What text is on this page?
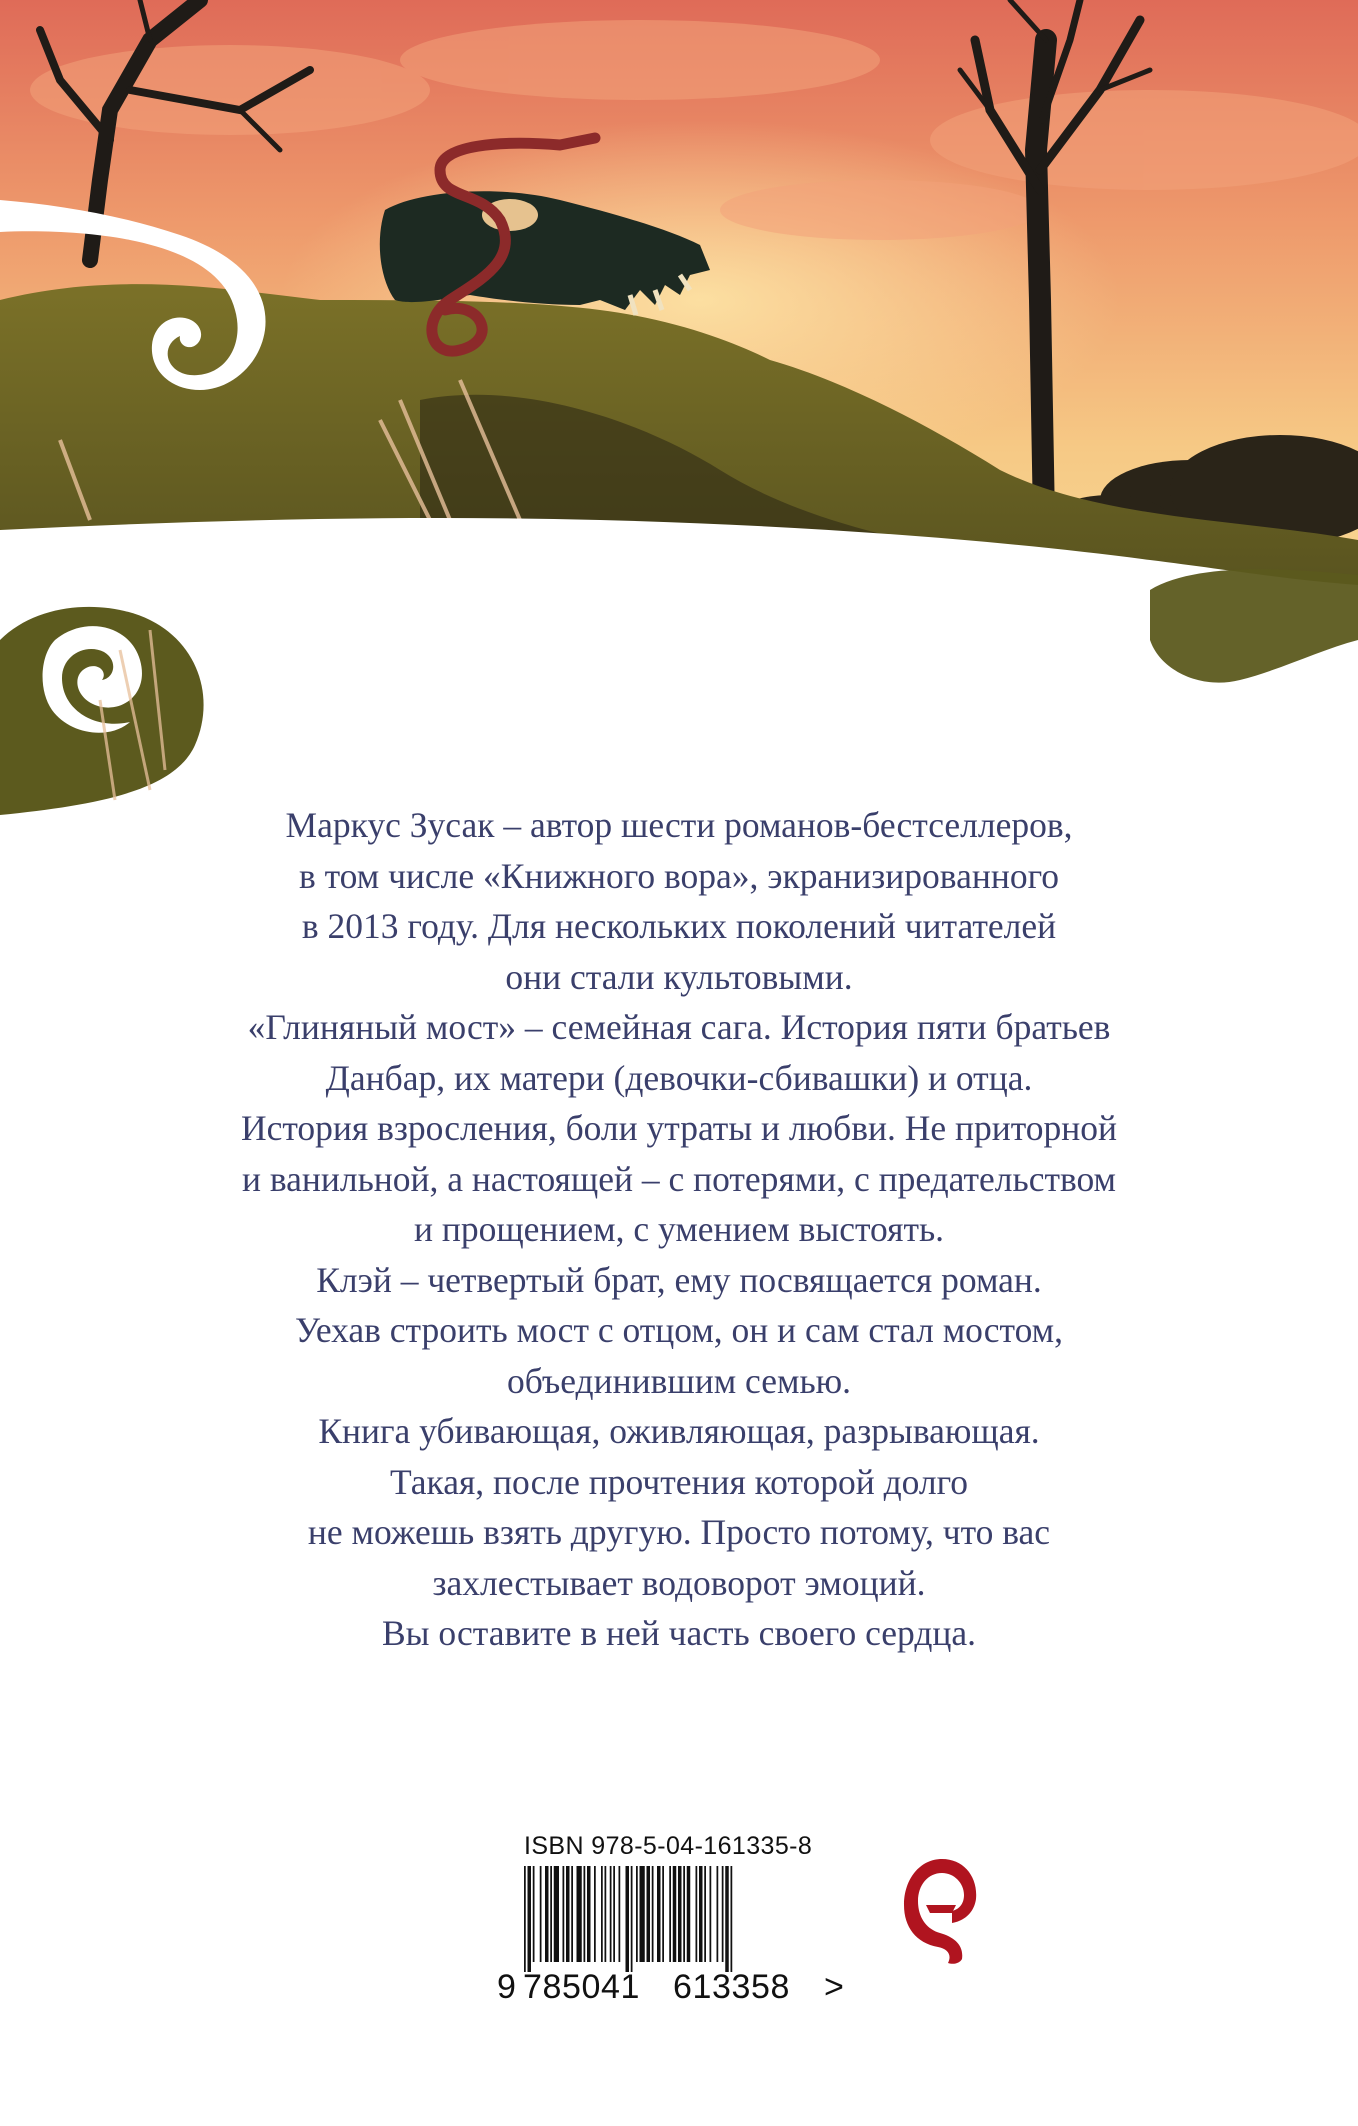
Маркус Зусак – автор шести романов-бестселлеров,
в том числе «Книжного вора», экранизированного
в 2013 году. Для нескольких поколений читателей
они стали культовыми.
«Глиняный мост» – семейная сага. История пяти братьев
Данбар, их матери (девочки-сбивашки) и отца.
История взросления, боли утраты и любви. Не приторной
и ванильной, а настоящей – с потерями, с предательством
и прощением, с умением выстоять.
Клэй – четвертый брат, ему посвящается роман.
Уехав строить мост с отцом, он и сам стал мостом,
объединившим семью.
Книга убивающая, оживляющая, разрывающая.
Такая, после прочтения которой долго
не можешь взять другую. Просто потому, что вас
захлестывает водоворот эмоций.
Вы оставите в ней часть своего сердца.
ISBN 978-5-04-161335-8
9 785041 613358 >
